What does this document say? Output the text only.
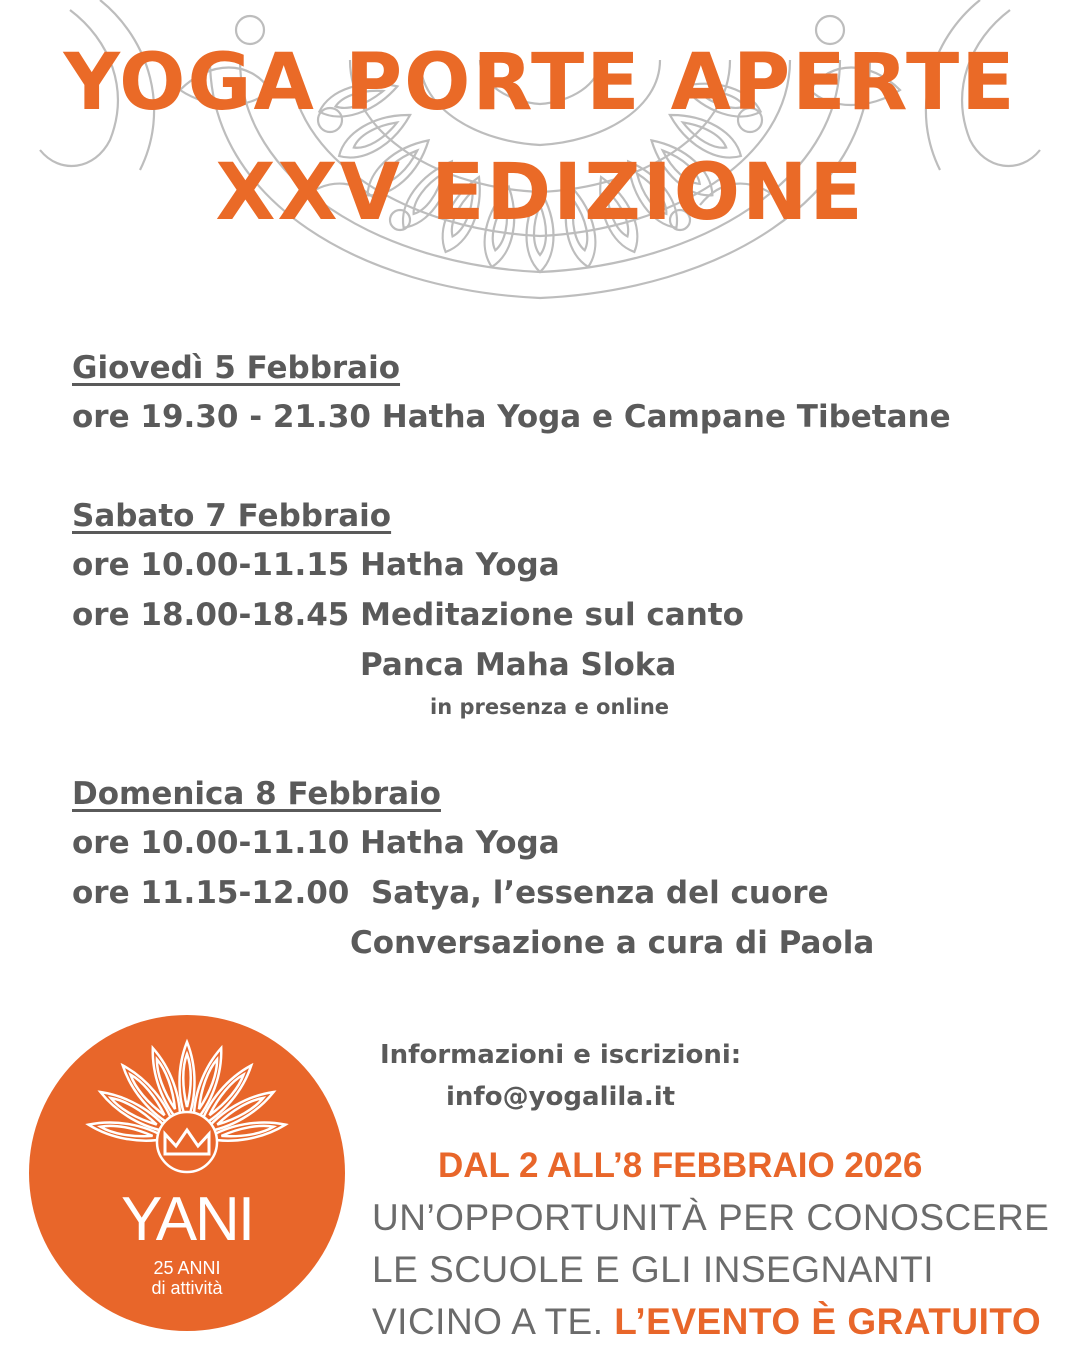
YOGA PORTE APERTE
XXV EDIZIONE
Giovedì 5 Febbraio
ore 19.30 - 21.30 Hatha Yoga e Campane Tibetane
Sabato 7 Febbraio
ore 10.00-11.15 Hatha Yoga
ore 18.00-18.45 Meditazione sul canto
Panca Maha Sloka
in presenza e online
Domenica 8 Febbraio
ore 10.00-11.10 Hatha Yoga
ore 11.15-12.00  Satya, l’essenza del cuore
Conversazione a cura di Paola
YANI
25 ANNI
di attività
Informazioni e iscrizioni:
info@yogalila.it
DAL 2 ALL’8 FEBBRAIO 2026
UN’OPPORTUNITÀ PER CONOSCERE
LE SCUOLE E GLI INSEGNANTI
VICINO A TE. L’EVENTO È GRATUITO
